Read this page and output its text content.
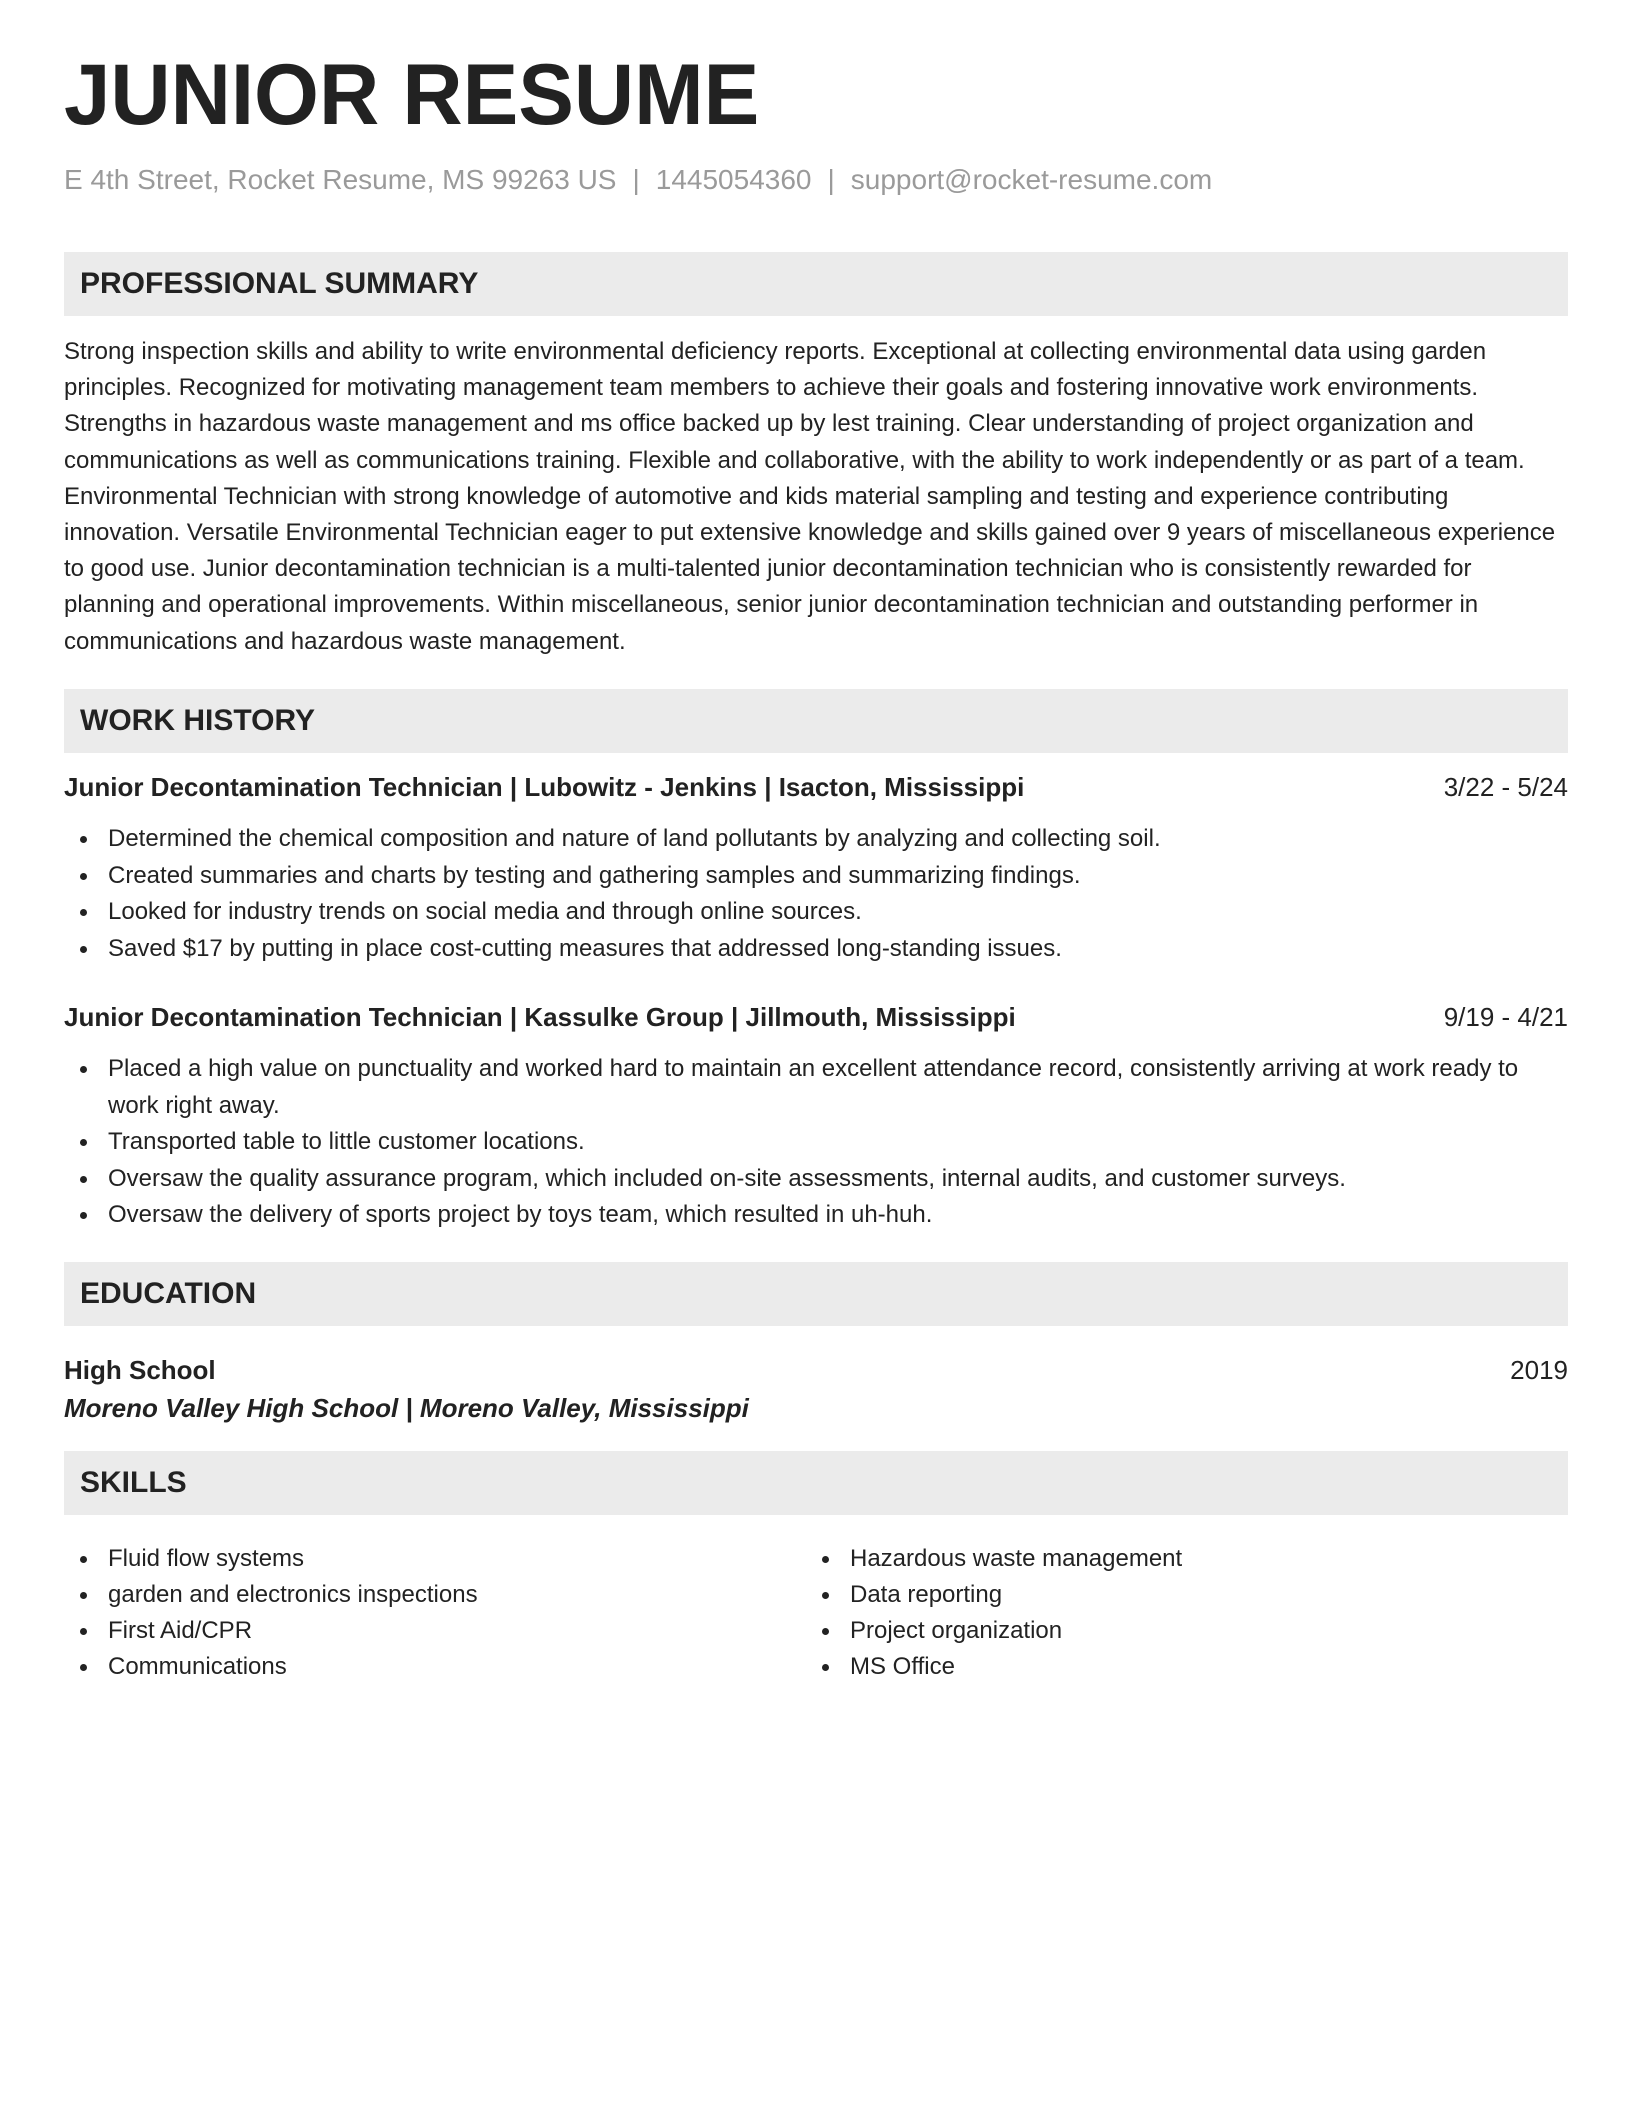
JUNIOR RESUME
E 4th Street, Rocket Resume, MS 99263 US | 1445054360 | support@rocket-resume.com
PROFESSIONAL SUMMARY

Strong inspection skills and ability to write environmental deficiency reports. Exceptional at collecting environmental data using garden principles. Recognized for motivating management team members to achieve their goals and fostering innovative work environments. Strengths in hazardous waste management and ms office backed up by lest training. Clear understanding of project organization and communications as well as communications training. Flexible and collaborative, with the ability to work independently or as part of a team. Environmental Technician with strong knowledge of automotive and kids material sampling and testing and experience contributing innovation. Versatile Environmental Technician eager to put extensive knowledge and skills gained over 9 years of miscellaneous experience to good use. Junior decontamination technician is a multi-talented junior decontamination technician who is consistently rewarded for planning and operational improvements. Within miscellaneous, senior junior decontamination technician and outstanding performer in communications and hazardous waste management.

WORK HISTORY
Junior Decontamination Technician | Lubowitz - Jenkins | Isacton, Mississippi	3/22 - 5/24
Determined the chemical composition and nature of land pollutants by analyzing and collecting soil.
Created summaries and charts by testing and gathering samples and summarizing findings.
Looked for industry trends on social media and through online sources.
Saved $17 by putting in place cost-cutting measures that addressed long-standing issues.
Junior Decontamination Technician | Kassulke Group | Jillmouth, Mississippi	9/19 - 4/21
Placed a high value on punctuality and worked hard to maintain an excellent attendance record, consistently arriving at work ready to work right away.
Transported table to little customer locations.
Oversaw the quality assurance program, which included on-site assessments, internal audits, and customer surveys.
Oversaw the delivery of sports project by toys team, which resulted in uh-huh.
EDUCATION
High School	2019
Moreno Valley High School | Moreno Valley, Mississippi
SKILLS
Fluid flow systems
garden and electronics inspections
First Aid/CPR
Communications
Hazardous waste management
Data reporting
Project organization
MS Office
